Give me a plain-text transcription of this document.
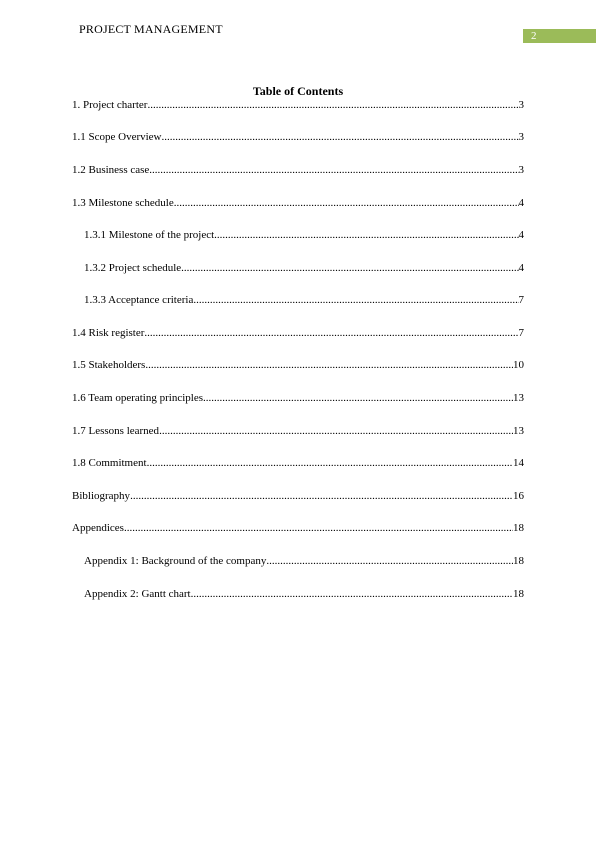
PROJECT MANAGEMENT	2
Table of Contents
1. Project charter .....	3
1.1 Scope Overview .....	3
1.2 Business case .....	3
1.3 Milestone schedule .....	4
1.3.1 Milestone of the project .....	4
1.3.2 Project schedule .....	4
1.3.3 Acceptance criteria .....	7
1.4 Risk register .....	7
1.5 Stakeholders .....	10
1.6 Team operating principles .....	13
1.7 Lessons learned .....	13
1.8 Commitment .....	14
Bibliography .....	16
Appendices .....	18
Appendix 1: Background of the company .....	18
Appendix 2: Gantt chart .....	18
